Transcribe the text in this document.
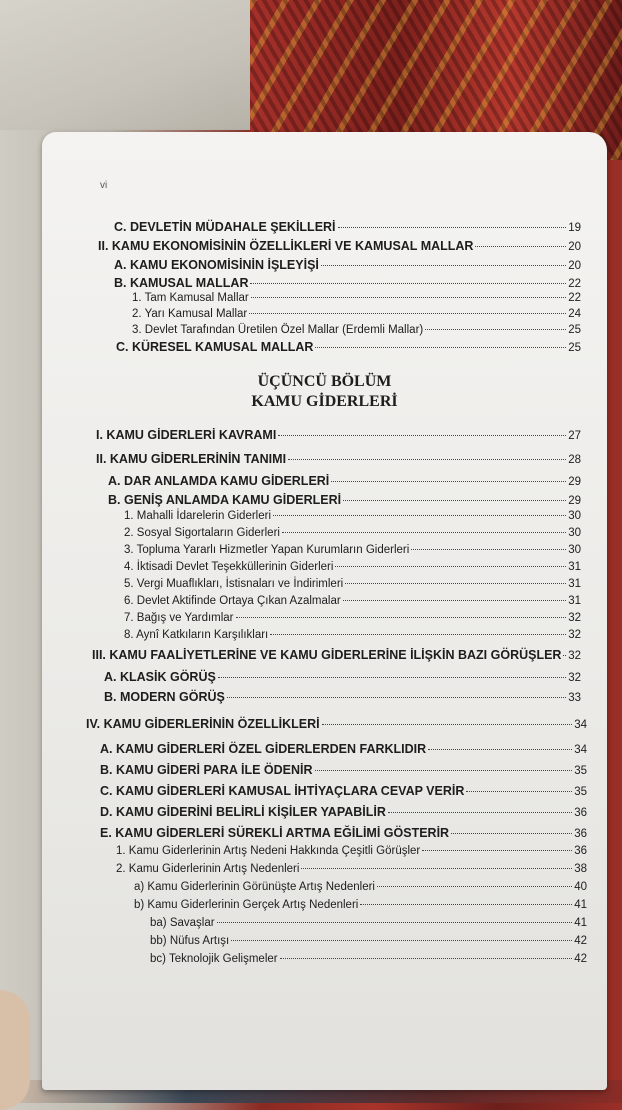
vi
C. DEVLETİN MÜDAHALE ŞEKİLLERİ	19
II. KAMU EKONOMİSİNİN ÖZELLİKLERİ VE KAMUSAL MALLAR	20
A. KAMU EKONOMİSİNİN İŞLEYİŞİ	20
B. KAMUSAL MALLAR	22
1. Tam Kamusal Mallar	22
2. Yarı Kamusal Mallar	24
3. Devlet Tarafından Üretilen Özel Mallar (Erdemli Mallar)	25
C. KÜRESEL KAMUSAL MALLAR	25
ÜÇÜNCÜ BÖLÜM
KAMU GİDERLERİ
I. KAMU GİDERLERİ KAVRAMI	27
II. KAMU GİDERLERİNİN TANIMI	28
A. DAR ANLAMDA KAMU GİDERLERİ	29
B. GENİŞ ANLAMDA KAMU GİDERLERİ	29
1. Mahalli İdarelerin Giderleri	30
2. Sosyal Sigortaların Giderleri	30
3. Topluma Yararlı Hizmetler Yapan Kurumların Giderleri	30
4. İktisadi Devlet Teşekküllerinin Giderleri	31
5. Vergi Muaflıkları, İstisnaları ve İndirimleri	31
6. Devlet Aktifinde Ortaya Çıkan Azalmalar	31
7. Bağış ve Yardımlar	32
8. Aynî Katkıların Karşılıkları	32
III. KAMU FAALİYETLERİNE VE KAMU GİDERLERİNE İLİŞKİN BAZI GÖRÜŞLER 32
A. KLASİK GÖRÜŞ	32
B. MODERN GÖRÜŞ	33
IV. KAMU GİDERLERİNİN ÖZELLİKLERİ	34
A. KAMU GİDERLERİ ÖZEL GİDERLERDEN FARKLIDIR	34
B. KAMU GİDERİ PARA İLE ÖDENİR	35
C. KAMU GİDERLERİ KAMUSAL İHTİYAÇLARA CEVAP VERİR	35
D. KAMU GİDERİNİ BELİRLİ KİŞİLER YAPABİLİR	36
E. KAMU GİDERLERİ SÜREKLİ ARTMA EĞİLİMİ GÖSTERİR	36
1. Kamu Giderlerinin Artış Nedeni Hakkında Çeşitli Görüşler	36
2. Kamu Giderlerinin Artış Nedenleri	38
a) Kamu Giderlerinin Görünüşte Artış Nedenleri	40
b) Kamu Giderlerinin Gerçek Artış Nedenleri	41
ba) Savaşlar	41
bb) Nüfus Artışı	42
bc) Teknolojik Gelişmeler	42
